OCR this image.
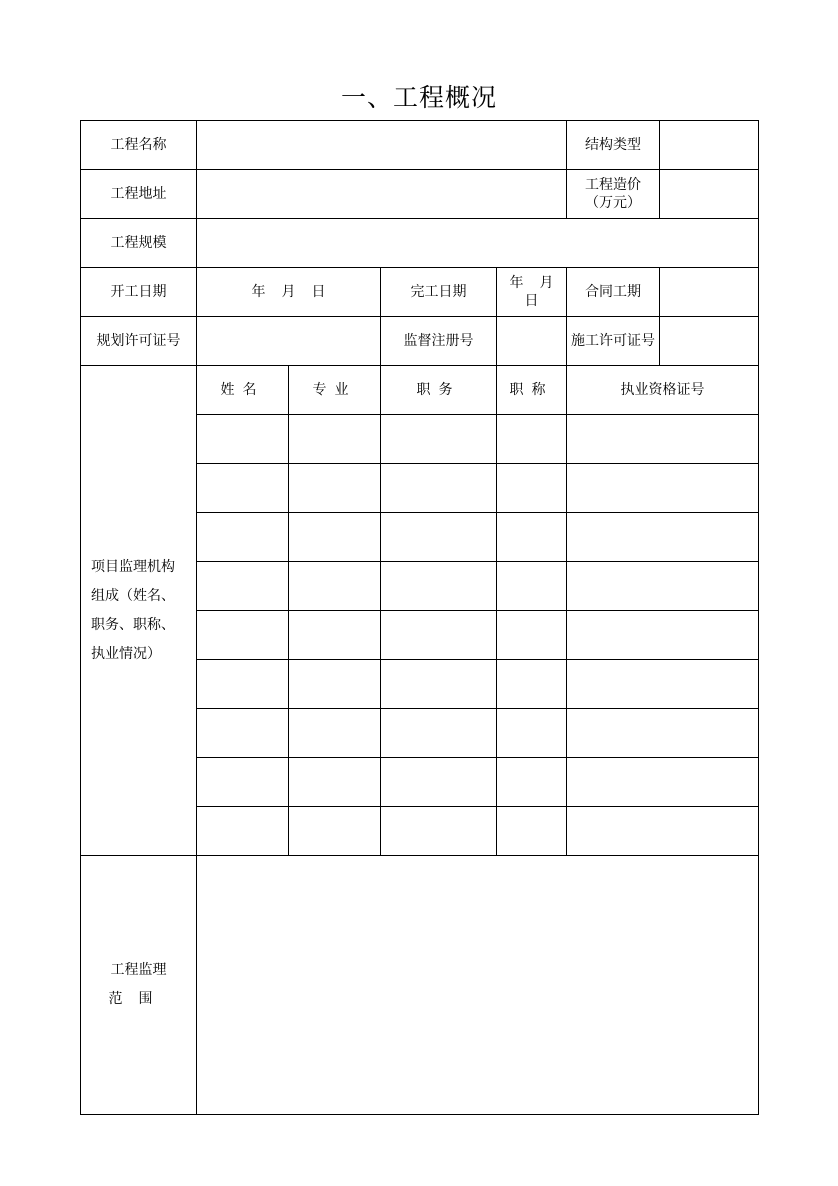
一、工程概况
工程名称					结构类型	
工程地址					工程造价
（万元）	

工程规模						
开工日期	年 月 日		完工日期	年 月日	合同工期	
规划许可证号			监督注册号		施工许可证号	

项目监理机构
组成（姓名、
职务、职称、
执业情况）	姓名	专业	职务	职称	执业资格证号	

工程监理
范围						
